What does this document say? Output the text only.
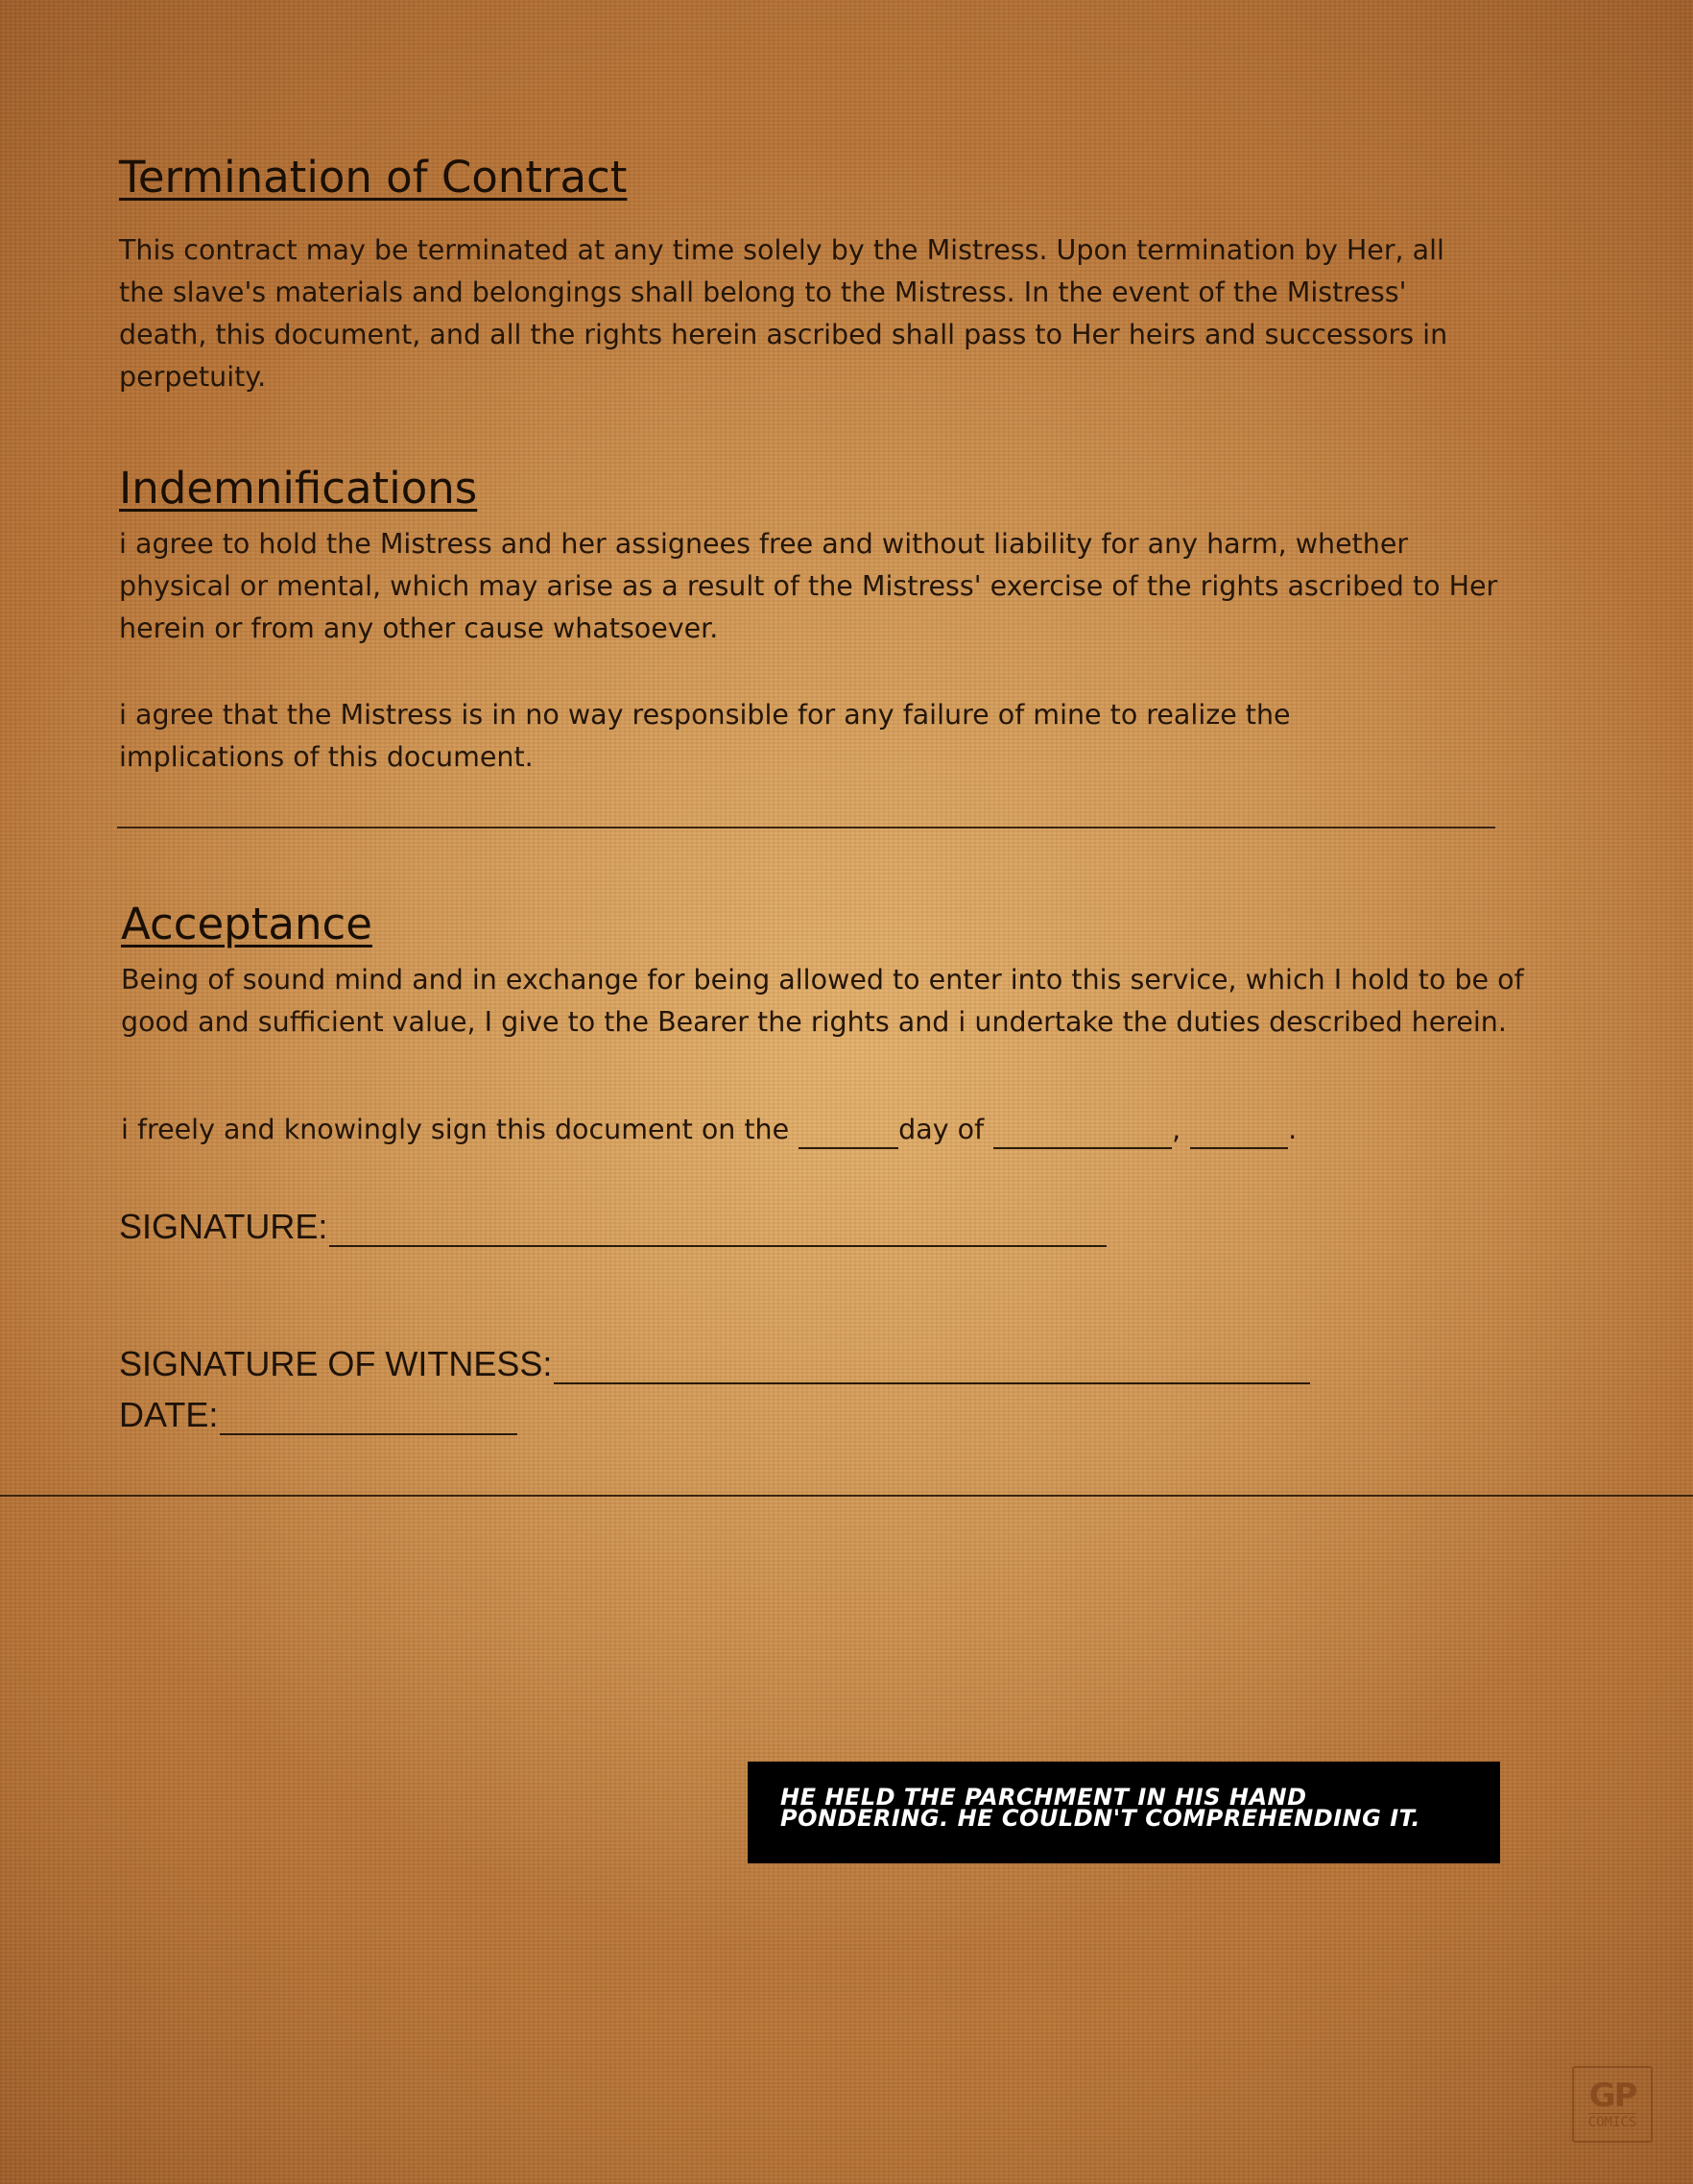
Termination of Contract

This contract may be terminated at any time solely by the Mistress. Upon termination by Her, all the slave's materials and belongings shall belong to the Mistress. In the event of the Mistress' death, this document, and all the rights herein ascribed shall pass to Her heirs and successors in perpetuity.

Indemnifications

i agree to hold the Mistress and her assignees free and without liability for any harm, whether physical or mental, which may arise as a result of the Mistress' exercise of the rights ascribed to Her herein or from any other cause whatsoever.

i agree that the Mistress is in no way responsible for any failure of mine to realize the implications of this document.

Acceptance

Being of sound mind and in exchange for being allowed to enter into this service, which I hold to be of good and sufficient value, I give to the Bearer the rights and i undertake the duties described herein.

i freely and knowingly sign this document on the	day of	,	.
SIGNATURE:
SIGNATURE OF WITNESS:
DATE:

HE HELD THE PARCHMENT IN HIS HAND

PONDERING. HE COULDN'T COMPREHENDING IT.

GP
COMICS
